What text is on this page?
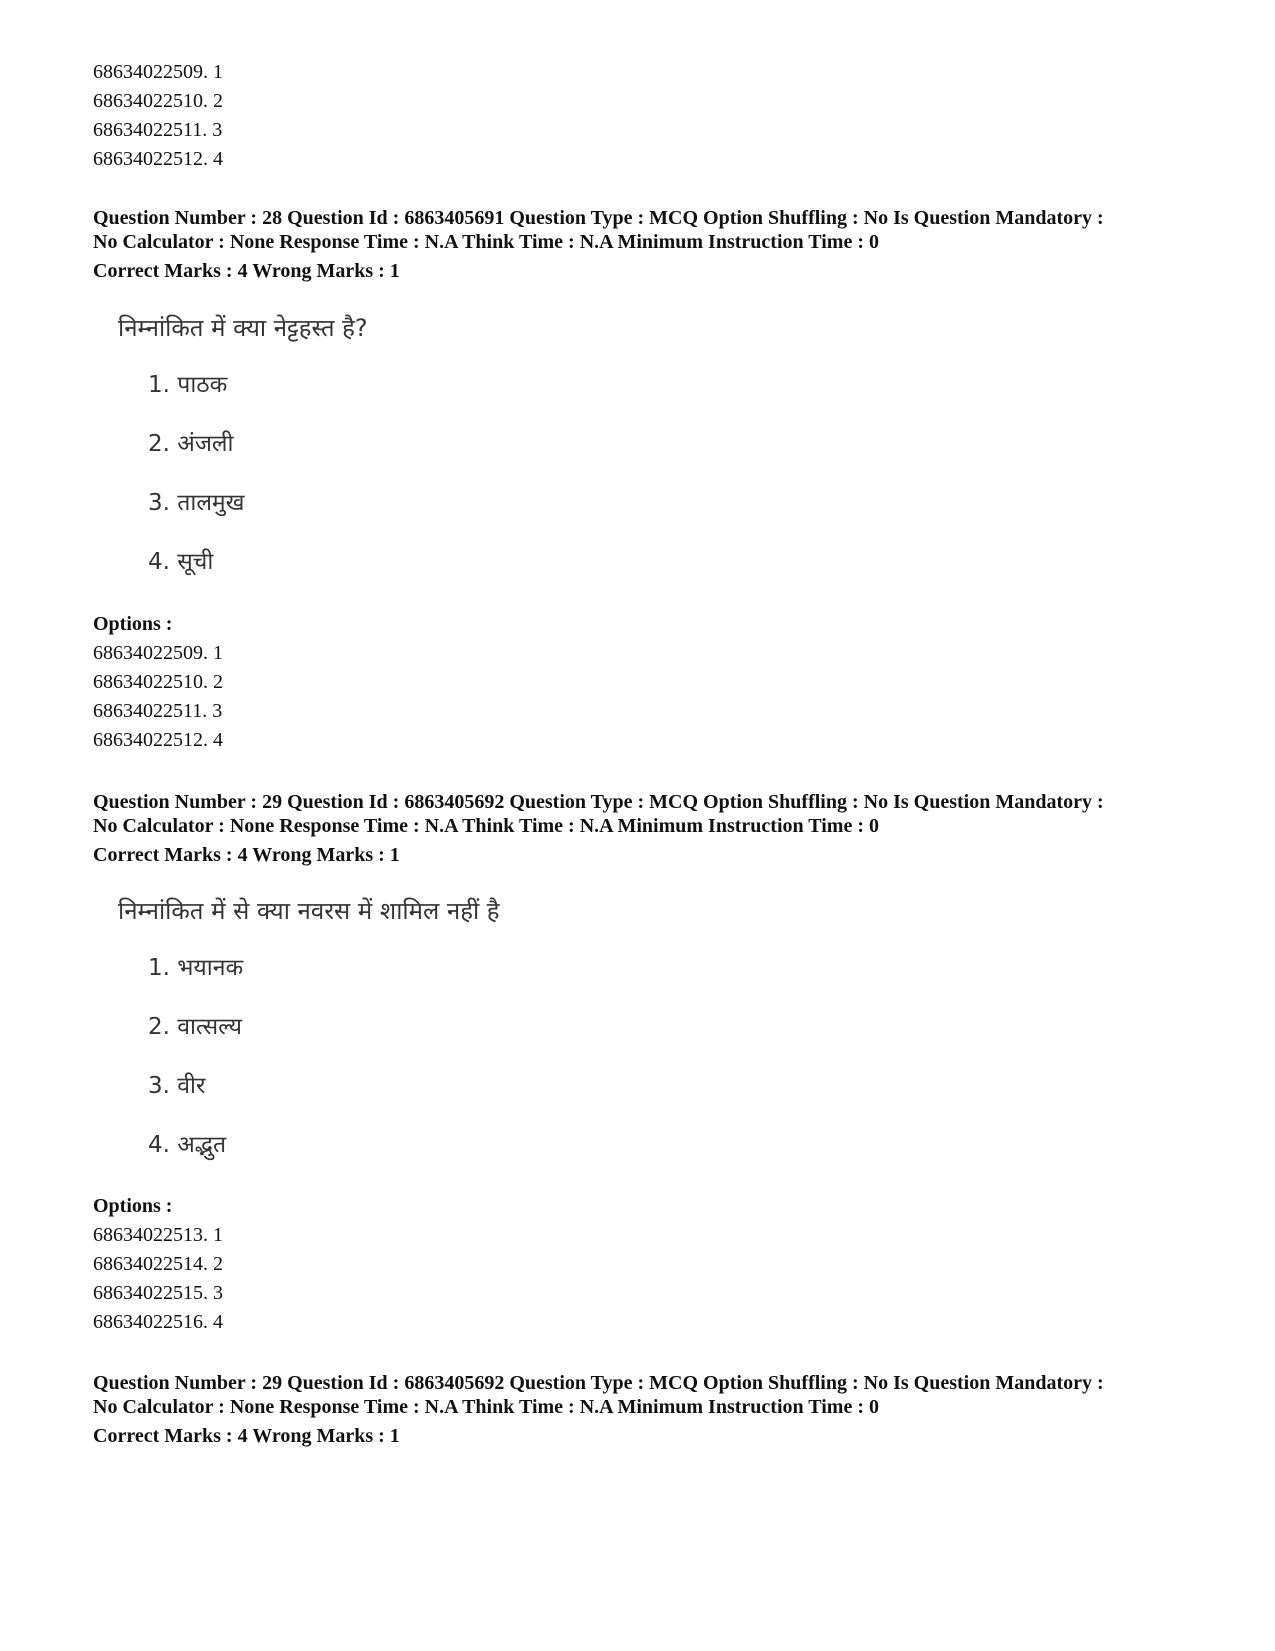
68634022509. 1
68634022510. 2
68634022511. 3
68634022512. 4
Question Number : 28 Question Id : 6863405691 Question Type : MCQ Option Shuffling : No Is Question Mandatory :
No Calculator : None Response Time : N.A Think Time : N.A Minimum Instruction Time : 0
Correct Marks : 4 Wrong Marks : 1
निम्नांकित में क्या नेट्टहस्त है?
1. पाठक
2. अंजली
3. तालमुख
4. सूची
Options :
68634022509. 1
68634022510. 2
68634022511. 3
68634022512. 4
Question Number : 29 Question Id : 6863405692 Question Type : MCQ Option Shuffling : No Is Question Mandatory :
No Calculator : None Response Time : N.A Think Time : N.A Minimum Instruction Time : 0
Correct Marks : 4 Wrong Marks : 1
निम्नांकित में से क्या नवरस में शामिल नहीं है
1. भयानक
2. वात्सल्य
3. वीर
4. अद्भुत
Options :
68634022513. 1
68634022514. 2
68634022515. 3
68634022516. 4
Question Number : 29 Question Id : 6863405692 Question Type : MCQ Option Shuffling : No Is Question Mandatory :
No Calculator : None Response Time : N.A Think Time : N.A Minimum Instruction Time : 0
Correct Marks : 4 Wrong Marks : 1
